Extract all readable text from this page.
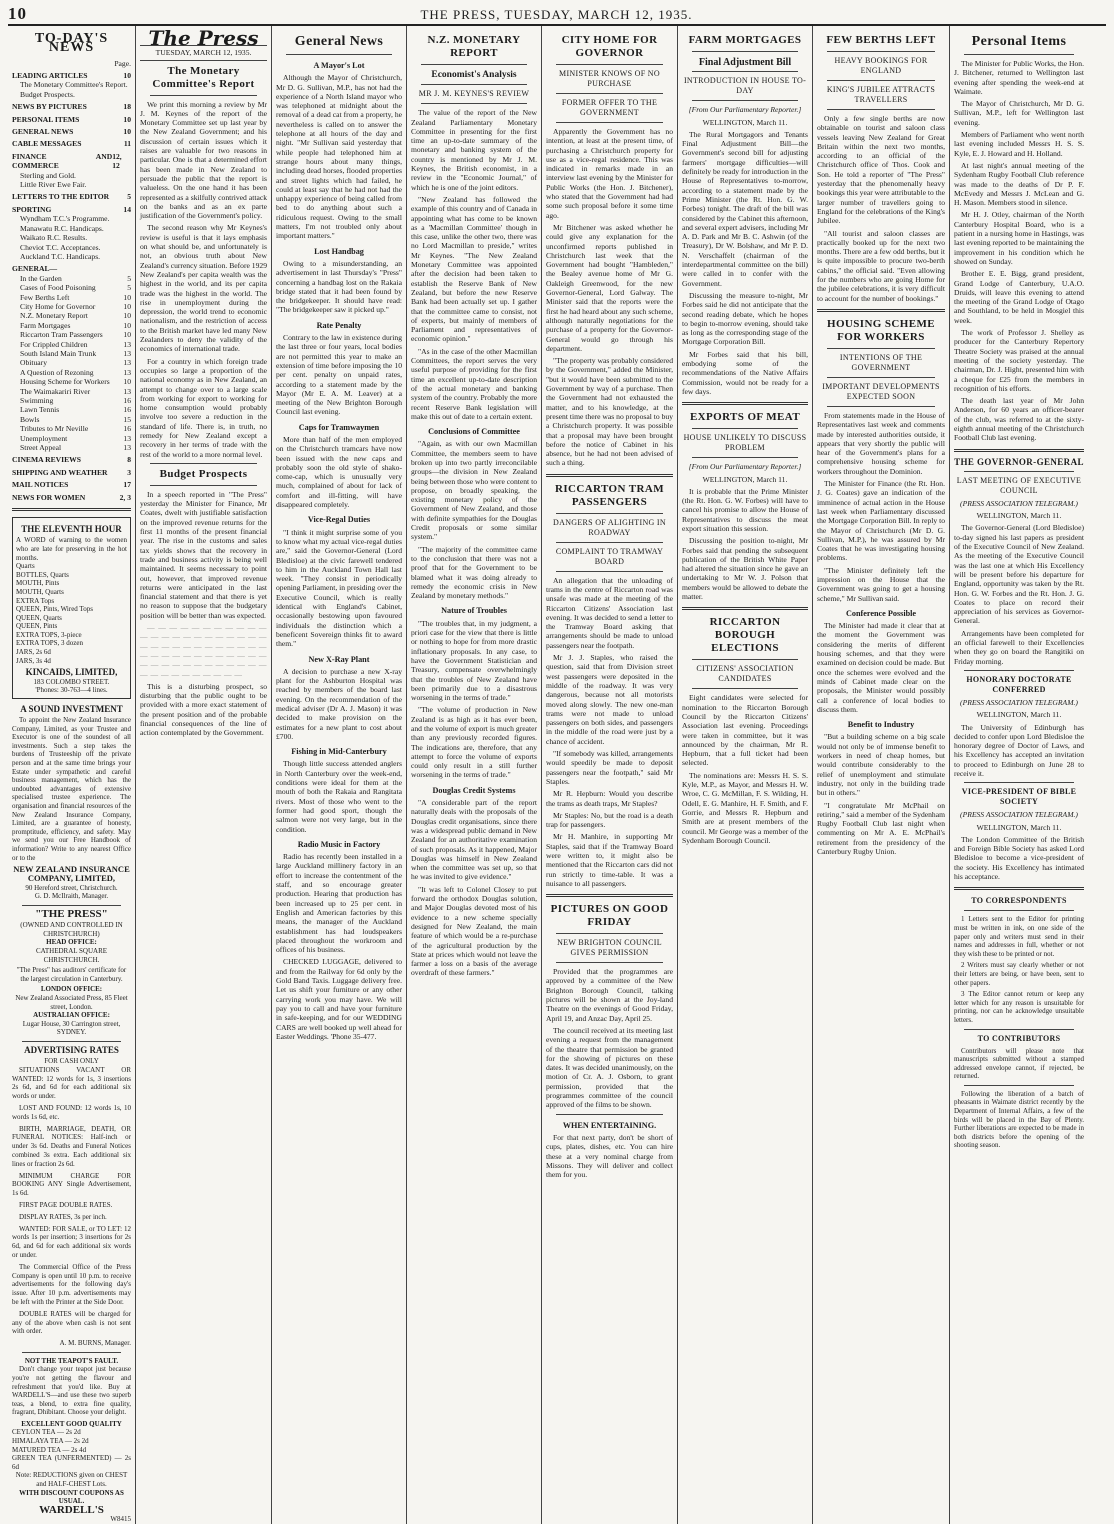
10	THE PRESS, TUESDAY, MARCH 12, 1935.
TO-DAY'S NEWS
Page.
LEADING ARTICLES	10
The Monetary Committee's Report.
Budget Prospects.
NEWS BY PICTURES	18
PERSONAL ITEMS	10
GENERAL NEWS	10
CABLE MESSAGES	11
FINANCE AND COMMERCE
12, 12
Sterling and Gold.
Little River Ewe Fair.
LETTERS TO THE EDITOR 5
SPORTING	14
Wyndham T.C.'s Programme.
Manawatu R.C. Handicaps.
Waikato R.C. Results.
Cheviot T.C. Acceptances.
Auckland T.C. Handicaps.
GENERAL—
In the Garden	5
Cases of Food Poisoning	5
Few Berths Left	10
City Home for Governor	10
N.Z. Monetary Report	10
Farm Mortgages	10
Riccarton Tram Passengers	10
For Crippled Children	13
South Island Main Trunk	13
Obituary	13
A Question of Rezoning	13
Housing Scheme for Workers 10
The Waimakariri River	13
Swimming	16
Lawn Tennis	16
Bowls	15
Tributes to Mr Neville	16
Unemployment	13
Street Appeal	13
CINEMA REVIEWS	8
SHIPPING AND WEATHER	3
MAIL NOTICES	17
NEWS FOR WOMEN	2, 3
THE ELEVENTH HOUR
A WORD of warning to the women who are late for preserving in the hot months.
Quarts
BOTTLES, Quarts
MOUTH, Pints
MOUTH, Quarts
EXTRA Tops
QUEEN, Pints, Wired Tops
QUEEN, Quarts
QUEEN, Pints
EXTRA TOPS, 3-piece
EXTRA TOPS, 3 dozen
JARS, 2s 6d
JARS, 3s 4d
KINCAIDS, LIMITED,
183 COLOMBO STREET.
'Phones: 30-763—4 lines.
A SOUND INVESTMENT

To appoint the New Zealand Insurance Company, Limited, as your Trustee and Executor is one of the soundest of all investments. Such a step takes the burdens of Trusteeship off the private person and at the same time brings your Estate under sympathetic and careful business management, which has the undoubted advantages of extensive specialised trustee experience. The organisation and financial resources of the New Zealand Insurance Company, Limited, are a guarantee of honesty, promptitude, efficiency, and safety. May we send you our Free Handbook of information? Write to any nearest Office or to the

NEW ZEALAND INSURANCE COMPANY, LIMITED,
90 Hereford street, Christchurch.
G. D. McIlraith, Manager.
"THE PRESS"
(OWNED AND CONTROLLED IN CHRISTCHURCH)
HEAD OFFICE:
CATHEDRAL SQUARE CHRISTCHURCH.
"The Press" has auditors' certificate for the largest circulation in Canterbury.
LONDON OFFICE:
New Zealand Associated Press, 85 Fleet street, London.
AUSTRALIAN OFFICE:
Lugar House, 30 Carrington street, SYDNEY.
ADVERTISING RATES
FOR CASH ONLY

SITUATIONS VACANT OR WANTED: 12 words for 1s, 3 insertions 2s 6d, and 6d for each additional six words or under.

LOST AND FOUND: 12 words 1s, 10 words 1s 6d, etc.

BIRTH, MARRIAGE, DEATH, OR FUNERAL NOTICES: Half-inch or under 3s 6d. Deaths and Funeral Notices combined 3s extra. Each additional six lines or fraction 2s 6d.

MINIMUM CHARGE FOR BOOKING ANY Single Advertisement, 1s 6d.

FIRST PAGE DOUBLE RATES.

DISPLAY RATES, 3s per inch.

WANTED: FOR SALE, or TO LET: 12 words 1s per insertion; 3 insertions for 2s 6d, and 6d for each additional six words or under.

The Commercial Office of the Press Company is open until 10 p.m. to receive advertisements for the following day's issue. After 10 p.m. advertisements may be left with the Printer at the Side Door.

DOUBLE RATES will be charged for any of the above when cash is not sent with order.

A. M. BURNS, Manager.
NOT THE TEAPOT'S FAULT.

Don't change your teapot just because you're not getting the flavour and refreshment that you'd like. Buy at WARDELL'S—and use these two superb teas, a blend, to extra fine quality, fragrant, Dhibitant. Choose your delight.

EXCELLENT GOOD QUALITY
CEYLON TEA — 2s 2d
HIMALAYA TEA — 2s 2d
MATURED TEA — 2s 4d
GREEN TEA (UNFERMENTED) — 2s 6d
Note: REDUCTIONS given on CHEST and HALF-CHEST Lots.
WITH DISCOUNT COUPONS AS USUAL.
WARDELL'S
W8415
The Press
TUESDAY, MARCH 12, 1935.
The Monetary Committee's Report

We print this morning a review by Mr J. M. Keynes of the report of the Monetary Committee set up last year by the New Zealand Government; and his discussion of certain issues which it raises are valuable for two reasons in particular. One is that a determined effort has been made in New Zealand to persuade the public that the report is valueless. On the one hand it has been represented as a skilfully contrived attack on the banks and as an ex parte justification of the Government's policy.

The second reason why Mr Keynes's review is useful is that it lays emphasis on what should be, and unfortunately is not, an obvious truth about New Zealand's currency situation. Before 1929 New Zealand's per capita wealth was the highest in the world, and its per capita trade was the highest in the world. The rise in unemployment during the depression, the world trend to economic nationalism, and the restriction of access to the British market have led many New Zealanders to deny the validity of the economics of international trade.

For a country in which foreign trade occupies so large a proportion of the national economy as in New Zealand, an attempt to change over to a large scale from working for export to working for home consumption would probably involve too severe a reduction in the standard of life. There is, in truth, no remedy for New Zealand except a recovery in her terms of trade with the rest of the world to a more normal level.

Budget Prospects

In a speech reported in "The Press" yesterday the Minister for Finance, Mr Coates, dwelt with justifiable satisfaction on the improved revenue returns for the first 11 months of the present financial year. The rise in the customs and sales tax yields shows that the recovery in trade and business activity is being well maintained. It seems necessary to point out, however, that improved revenue returns were anticipated in the last financial statement and that there is yet no reason to suppose that the budgetary position will be better than was expected.

— — — — — — — — — — — — — — — — — — — — — — — — — — — — — — — — — — — — — — — — — — — — — — — — — — — — — — — — — — — — — — — — — — — — —

This is a disturbing prospect, so disturbing that the public ought to be provided with a more exact statement of the present position and of the probable financial consequences of the line of action contemplated by the Government.

General News
A Mayor's Lot

Although the Mayor of Christchurch, Mr D. G. Sullivan, M.P., has not had the experience of a North Island mayor who was telephoned at midnight about the removal of a dead cat from a property, he nevertheless is called on to answer the telephone at all hours of the day and night. "Mr Sullivan said yesterday that while people had telephoned him at strange hours about many things, including dead horses, flooded properties and street lights which had failed, he could at least say that he had not had the unhappy experience of being called from bed to do anything about such a ridiculous request. Owing to the small matters, I'm not troubled only about important matters."

Lost Handbag

Owing to a misunderstanding, an advertisement in last Thursday's "Press" concerning a handbag lost on the Rakaia bridge stated that it had been found by the bridgekeeper. It should have read: "The bridgekeeper saw it picked up."

Rate Penalty

Contrary to the law in existence during the last three or four years, local bodies are not permitted this year to make an extension of time before imposing the 10 per cent. penalty on unpaid rates, according to a statement made by the Mayor (Mr E. A. M. Leaver) at a meeting of the New Brighton Borough Council last evening.

Caps for Tramwaymen

More than half of the men employed on the Christchurch tramcars have now been issued with the new caps and probably soon the old style of shako-come-cap, which is unusually very much, complained of about for lack of comfort and ill-fitting, will have disappeared completely.

Vice-Regal Duties

"I think it might surprise some of you to know what my actual vice-regal duties are," said the Governor-General (Lord Bledisloe) at the civic farewell tendered to him in the Auckland Town Hall last week. "They consist in periodically opening Parliament, in presiding over the Executive Council, which is really identical with England's Cabinet, occasionally bestowing upon favoured individuals the distinction which a beneficent Sovereign thinks fit to award them."

New X-Ray Plant

A decision to purchase a new X-ray plant for the Ashburton Hospital was reached by members of the board last evening. On the recommendation of the medical adviser (Dr A. J. Mason) it was decided to make provision on the estimates for a new plant to cost about £700.

Fishing in Mid-Canterbury

Though little success attended anglers in North Canterbury over the week-end, conditions were ideal for them at the mouth of both the Rakaia and Rangitata rivers. Most of those who went to the former had good sport, though the salmon were not very large, but in the condition.

Radio Music in Factory

Radio has recently been installed in a large Auckland millinery factory in an effort to increase the contentment of the staff, and so encourage greater production. Hearing that production has been increased up to 25 per cent. in English and American factories by this means, the manager of the Auckland establishment has had loudspeakers placed throughout the workroom and offices of his business.

CHECKED LUGGAGE, delivered to and from the Railway for 6d only by the Gold Band Taxis. Luggage delivery free. Let us shift your furniture or any other carrying work you may have. We will pay you to call and have your furniture in safe-keeping, and for our WEDDING CARS are well booked up well ahead for Easter Weddings. 'Phone 35-477.

N.Z. MONETARY REPORT
Economist's Analysis
MR J. M. KEYNES'S REVIEW

The value of the report of the New Zealand Parliamentary Monetary Committee in presenting for the first time an up-to-date summary of the monetary and banking system of the country is mentioned by Mr J. M. Keynes, the British economist, in a review in the "Economic Journal," of which he is one of the joint editors.

"New Zealand has followed the example of this country and of Canada in appointing what has come to be known as a 'Macmillan Committee' though in this case, unlike the other two, there was no Lord Macmillan to preside," writes Mr Keynes. "The New Zealand Monetary Committee was appointed after the decision had been taken to establish the Reserve Bank of New Zealand, but before the new Reserve Bank had been actually set up. I gather that the committee came to consist, not of experts, but mainly of members of Parliament and representatives of economic opinion."

"As in the case of the other Macmillan Committees, the report serves the very useful purpose of providing for the first time an excellent up-to-date description of the actual monetary and banking system of the country. Probably the more recent Reserve Bank legislation will make this out of date to a certain extent.

Conclusions of Committee

"Again, as with our own Macmillan Committee, the members seem to have broken up into two partly irreconcilable groups—the division in New Zealand being between those who were content to propose, on broadly speaking, the existing monetary policy of the Government of New Zealand, and those with definite sympathies for the Douglas Credit proposals or some similar system."

"The majority of the committee came to the conclusion that there was not a proof that for the Government to be blamed what it was doing already to remedy the economic crisis in New Zealand by monetary methods."

Nature of Troubles

"The troubles that, in my judgment, a priori case for the view that there is little or nothing to hope for from more drastic inflationary proposals. In any case, to have the Government Statistician and Treasury, compensate overwhelmingly that the troubles of New Zealand have been primarily due to a disastrous worsening in the terms of trade."

"The volume of production in New Zealand is as high as it has ever been, and the volume of export is much greater than any previously recorded figures. The indications are, therefore, that any attempt to force the volume of exports could only result in a still further worsening in the terms of trade."

Douglas Credit Systems

"A considerable part of the report naturally deals with the proposals of the Douglas credit organisations, since there was a widespread public demand in New Zealand for an authoritative examination of such proposals. As it happened, Major Douglas was himself in New Zealand when the committee was set up, so that he was invited to give evidence."

"It was left to Colonel Closey to put forward the orthodox Douglas solution, and Major Douglas devoted most of his evidence to a new scheme specially designed for New Zealand, the main feature of which would be a re-purchase of the agricultural production by the State at prices which would not leave the farmer a loss on a basis of the average overdraft of these farmers."

CITY HOME FOR GOVERNOR
MINISTER KNOWS OF NO PURCHASE
FORMER OFFER TO THE GOVERNMENT

Apparently the Government has no intention, at least at the present time, of purchasing a Christchurch property for use as a vice-regal residence. This was indicated in remarks made in an interview last evening by the Minister for Public Works (the Hon. J. Bitchener), who stated that the Government had had some such proposal before it some time ago.

Mr Bitchener was asked whether he could give any explanation for the unconfirmed reports published in Christchurch last week that the Government had bought "Hambleden," the Bealey avenue home of Mr G. Oakleigh Greenwood, for the new Governor-General, Lord Galway. The Minister said that the reports were the first he had heard about any such scheme, although naturally negotiations for the purchase of a property for the Governor-General would go through his department.

"The property was probably considered by the Government," added the Minister, "but it would have been submitted to the Government by way of a purchase. Then the Government had not exhausted the matter, and to his knowledge, at the present time there was no proposal to buy a Christchurch property. It was possible that a proposal may have been brought before the notice of Cabinet in his absence, but he had not been advised of such a thing.

RICCARTON TRAM PASSENGERS
DANGERS OF ALIGHTING IN ROADWAY
COMPLAINT TO TRAMWAY BOARD

An allegation that the unloading of trams in the centre of Riccarton road was unsafe was made at the meeting of the Riccarton Citizens' Association last evening. It was decided to send a letter to the Tramway Board asking that arrangements should be made to unload passengers near the footpath.

Mr J. J. Staples, who raised the question, said that from Division street west passengers were deposited in the middle of the roadway. It was very dangerous, because not all motorists moved along slowly. The new one-man trams were not made to unload passengers on both sides, and passengers in the middle of the road were just by a chance of accident.

"If somebody was killed, arrangements would speedily be made to deposit passengers near the footpath," said Mr Staples.

Mr R. Hepburn: Would you describe the trams as death traps, Mr Staples?

Mr Staples: No, but the road is a death trap for passengers.

Mr H. Manhire, in supporting Mr Staples, said that if the Tramway Board were written to, it might also be mentioned that the Riccarton cars did not run strictly to time-table. It was a nuisance to all passengers.

PICTURES ON GOOD FRIDAY
NEW BRIGHTON COUNCIL GIVES PERMISSION

Provided that the programmes are approved by a committee of the New Brighton Borough Council, talking pictures will be shown at the Joy-land Theatre on the evenings of Good Friday, April 19, and Anzac Day, April 25.

The council received at its meeting last evening a request from the management of the theatre that permission be granted for the showing of pictures on these dates. It was decided unanimously, on the motion of Cr. A. J. Osborn, to grant permission, provided that the programmes committee of the council approved of the films to be shown.

WHEN ENTERTAINING.

For that next party, don't be short of cups, plates, dishes, etc. You can hire these at a very nominal charge from Missons. They will deliver and collect them for you.

FARM MORTGAGES
Final Adjustment Bill
INTRODUCTION IN HOUSE TO-DAY
[From Our Parliamentary Reporter.]
WELLINGTON, March 11.

The Rural Mortgagors and Tenants Final Adjustment Bill—the Government's second bill for adjusting farmers' mortgage difficulties—will definitely be ready for introduction in the House of Representatives to-morrow, according to a statement made by the Prime Minister (the Rt. Hon. G. W. Forbes) tonight. The draft of the bill was considered by the Cabinet this afternoon, and several expert advisers, including Mr A. D. Park and Mr B. C. Ashwin (of the Treasury), Dr W. Bolshaw, and Mr P. D. N. Verschaffelt (chairman of the interdepartmental committee on the bill) were called in to confer with the Government.

Discussing the measure to-night, Mr Forbes said he did not anticipate that the second reading debate, which he hopes to begin to-morrow evening, should take as long as the corresponding stage of the Mortgage Corporation Bill.

Mr Forbes said that his bill, embodying some of the recommendations of the Native Affairs Commission, would not be ready for a few days.

EXPORTS OF MEAT
HOUSE UNLIKELY TO DISCUSS PROBLEM
[From Our Parliamentary Reporter.]
WELLINGTON, March 11.

It is probable that the Prime Minister (the Rt. Hon. G. W. Forbes) will have to cancel his promise to allow the House of Representatives to discuss the meat export situation this session.

Discussing the position to-night, Mr Forbes said that pending the subsequent publication of the British White Paper had altered the situation since he gave an undertaking to Mr W. J. Polson that members would be allowed to debate the matter.

RICCARTON BOROUGH ELECTIONS
CITIZENS' ASSOCIATION CANDIDATES

Eight candidates were selected for nomination to the Riccarton Borough Council by the Riccarton Citizens' Association last evening. Proceedings were taken in committee, but it was announced by the chairman, Mr R. Hepburn, that a full ticket had been selected.

The nominations are: Messrs H. S. S. Kyle, M.P., as Mayor, and Messrs H. W. Wroe, C. G. McMillan, F. S. Wilding, H. Odell, E. G. Manhire, H. F. Smith, and F. Gorrie, and Messrs R. Hepburn and Smith are at present members of the council. Mr George was a member of the Sydenham Borough Council.

FEW BERTHS LEFT
HEAVY BOOKINGS FOR ENGLAND
KING'S JUBILEE ATTRACTS TRAVELLERS

Only a few single berths are now obtainable on tourist and saloon class vessels leaving New Zealand for Great Britain within the next two months, according to an official of the Christchurch office of Thos. Cook and Son. He told a reporter of "The Press" yesterday that the phenomenally heavy bookings this year were attributable to the larger number of travellers going to England for the celebrations of the King's Jubilee.

"All tourist and saloon classes are practically booked up for the next two months. There are a few odd berths, but it is quite impossible to procure two-berth cabins," the official said. "Even allowing for the numbers who are going Home for the jubilee celebrations, it is very difficult to account for the number of bookings."

HOUSING SCHEME FOR WORKERS
INTENTIONS OF THE GOVERNMENT
IMPORTANT DEVELOPMENTS EXPECTED SOON

From statements made in the House of Representatives last week and comments made by interested authorities outside, it appears that very shortly the public will hear of the Government's plans for a comprehensive housing scheme for workers throughout the Dominion.

The Minister for Finance (the Rt. Hon. J. G. Coates) gave an indication of the imminence of actual action in the House last week when Parliamentary discussed the Mortgage Corporation Bill. In reply to the Mayor of Christchurch (Mr D. G. Sullivan, M.P.), he was assured by Mr Coates that he was investigating housing problems.

"The Minister definitely left the impression on the House that the Government was going to get a housing scheme," Mr Sullivan said.

Conference Possible

The Minister had made it clear that at the moment the Government was considering the merits of different housing schemes, and that they were examined on decision could be made. But once the schemes were evolved and the minds of Cabinet made clear on the proposals, the Minister would possibly call a conference of local bodies to discuss them.

Benefit to Industry

"But a building scheme on a big scale would not only be of immense benefit to workers in need of cheap homes, but would contribute considerably to the relief of unemployment and stimulate industry, not only in the building trade but in others."

"I congratulate Mr McPhail on retiring," said a member of the Sydenham Rugby Football Club last night when commenting on Mr A. E. McPhail's retirement from the presidency of the Canterbury Rugby Union.

Personal Items

The Minister for Public Works, the Hon. J. Bitchener, returned to Wellington last evening after spending the week-end at Waimate.

The Mayor of Christchurch, Mr D. G. Sullivan, M.P., left for Wellington last evening.

Members of Parliament who went north last evening included Messrs H. S. S. Kyle, E. J. Howard and H. Holland.

At last night's annual meeting of the Sydenham Rugby Football Club reference was made to the deaths of Dr P. F. McEvedy and Messrs J. McLean and G. H. Mason. Members stood in silence.

Mr H. J. Otley, chairman of the North Canterbury Hospital Board, who is a patient in a nursing home in Hastings, was last evening reported to be maintaining the improvement in his condition which he showed on Sunday.

Brother E. E. Bigg, grand president, Grand Lodge of Canterbury, U.A.O. Druids, will leave this evening to attend the meeting of the Grand Lodge of Otago and Southland, to be held in Mosgiel this week.

The work of Professor J. Shelley as producer for the Canterbury Repertory Theatre Society was praised at the annual meeting of the society yesterday. The chairman, Dr. J. Hight, presented him with a cheque for £25 from the members in recognition of his efforts.

The death last year of Mr John Anderson, for 60 years an officer-bearer of the club, was referred to at the sixty-eighth annual meeting of the Christchurch Football Club last evening.

THE GOVERNOR-GENERAL
LAST MEETING OF EXECUTIVE COUNCIL
(PRESS ASSOCIATION TELEGRAM.)
WELLINGTON, March 11.

The Governor-General (Lord Bledisloe) to-day signed his last papers as president of the Executive Council of New Zealand. As the meeting of the Executive Council was the last one at which His Excellency will be present before his departure for England, opportunity was taken by the Rt. Hon. G. W. Forbes and the Rt. Hon. J. G. Coates to place on record their appreciation of his services as Governor-General.

Arrangements have been completed for an official farewell to their Excellencies when they go on board the Rangitiki on Friday morning.

HONORARY DOCTORATE CONFERRED
(PRESS ASSOCIATION TELEGRAM.)
WELLINGTON, March 11.

The University of Edinburgh has decided to confer upon Lord Bledisloe the honorary degree of Doctor of Laws, and his Excellency has accepted an invitation to proceed to Edinburgh on June 28 to receive it.

VICE-PRESIDENT OF BIBLE SOCIETY
(PRESS ASSOCIATION TELEGRAM.)
WELLINGTON, March 11.

The London Committee of the British and Foreign Bible Society has asked Lord Bledisloe to become a vice-president of the society. His Excellency has intimated his acceptance.

TO CORRESPONDENTS

1 Letters sent to the Editor for printing must be written in ink, on one side of the paper only and writers must send in their names and addresses in full, whether or not they wish these to be printed or not.

2 Writers must say clearly whether or not their letters are being, or have been, sent to other papers.

3 The Editor cannot return or keep any letter which for any reason is unsuitable for printing, nor can he acknowledge unsuitable letters.

TO CONTRIBUTORS

Contributors will please note that manuscripts submitted without a stamped addressed envelope cannot, if rejected, be returned.

Following the liberation of a batch of pheasants in Waimate district recently by the Department of Internal Affairs, a few of the birds will be placed in the Bay of Plenty. Further liberations are expected to be made in both districts before the opening of the shooting season.
